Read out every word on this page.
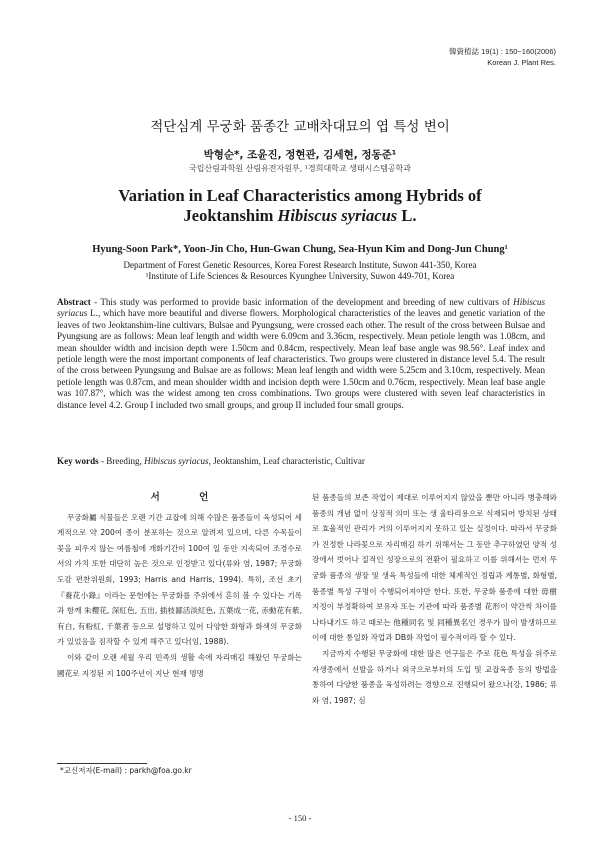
韓資植誌 19(1) : 150~160(2006)
Korean J. Plant Res.
적단심계 무궁화 품종간 교배차대묘의 엽 특성 변이
박형순*, 조윤진, 정현관, 김세현, 정동준¹
국립산림과학원 산림유전자원부, ¹경희대학교 생태시스템공학과
Variation in Leaf Characteristics among Hybrids of
Jeoktanshim Hibiscus syriacus L.
Hyung-Soon Park*, Yoon-Jin Cho, Hun-Gwan Chung, Sea-Hyun Kim and Dong-Jun Chung¹
Department of Forest Genetic Resources, Korea Forest Research Institute, Suwon 441-350, Korea
¹Institute of Life Sciences & Resources Kyunghee University, Suwon 449-701, Korea
Abstract - This study was performed to provide basic information of the development and breeding of new cultivars of Hibiscus syriacus L., which have more beautiful and diverse flowers. Morphological characteristics of the leaves and genetic variation of the leaves of two Jeoktanshim-line cultivars, Bulsae and Pyungsung, were crossed each other. The result of the cross between Bulsae and Pyungsung are as follows: Mean leaf length and width were 6.09cm and 3.36cm, respectively. Mean petiole length was 1.08cm, and mean shoulder width and incision depth were 1.50cm and 0.84cm, respectively. Mean leaf base angle was 98.56°. Leaf index and petiole length were the most important components of leaf characteristics. Two groups were clustered in distance level 5.4. The result of the cross between Pyungsung and Bulsae are as follows: Mean leaf length and width were 5.25cm and 3.10cm, respectively. Mean petiole length was 0.87cm, and mean shoulder width and incision depth were 1.50cm and 0.76cm, respectively. Mean leaf base angle was 107.87°, which was the widest among ten cross combinations. Two groups were clustered with seven leaf characteristics in distance level 4.2. Group I included two small groups, and group II included four small groups.
Key words - Breeding, Hibiscus syriacus, Jeoktanshim, Leaf characteristic, Cultivar
서 언

무궁화屬 식물들은 오랜 기간 교잡에 의해 수많은 품종들이 육성되어 세계적으로 약 200여 종이 분포하는 것으로 알려져 있으며, 다른 수목들이 꽃을 피우지 않는 여름철에 개화기간이 100여 일 동안 지속되어 조경수로서의 가치 또한 대단히 높은 것으로 인정받고 있다(류와 염, 1987; 무궁화도감 편찬위원회, 1993; Harris and Harris, 1994). 특히, 조선 초기 『養花小錄』이라는 문헌에는 무궁화를 주위에서 흔히 볼 수 있다는 기록과 함께 朱櫻花, 深紅色, 五出, 插枝鄙活淡紅色, 五葉成一花, 赤動花有紫, 有白, 有粉紅, 千葉者 등으로 설명하고 있어 다양한 화형과 화색의 무궁화가 있었음을 짐작할 수 있게 해주고 있다(임, 1988).

이와 같이 오랜 세월 우리 민족의 생활 속에 자리매김 해왔던 무궁화는 國花로 지정된 지 100주년이 지난 현재 명명

된 품종들의 보존 작업이 제대로 이루어지지 않았을 뿐만 아니라 병충해와 품종의 개념 없이 상징적 의미 또는 생 울타리용으로 식재되어 방치된 상태로 효율적인 관리가 거의 이루어지지 못하고 있는 실정이다. 따라서 무궁화가 진정한 나라꽃으로 자리매김 하기 위해서는 그 동안 추구하였던 양적 성장에서 벗어나 질적인 성장으로의 전환이 필요하고 이를 위해서는 먼저 무궁화 품종의 생장 및 생육 특성들에 대한 체계적인 정립과 계통별, 화형별, 품종별 특성 구명이 수행되어져야만 한다. 또한, 무궁화 품종에 대한 毋樹 지정이 부정확하여 보유자 또는 기관에 따라 품종별 花形이 약간씩 차이를 나타내기도 하고 때로는 他種同名 및 同種異名인 경우가 많이 발생하므로 이에 대한 통일화 작업과 DB화 작업이 필수적이라 할 수 있다.

지금까지 수행된 무궁화에 대한 많은 연구들은 주로 花色 특성을 위주로 자생종에서 선발을 하거나 외국으로부터의 도입 및 교잡육종 등의 방법을 통하여 다양한 품종을 육성하려는 경향으로 진행되어 왔으나(강, 1986; 류와 염, 1987; 심

*교신저자(E-mail) : parkh@foa.go.kr
- 150 -
